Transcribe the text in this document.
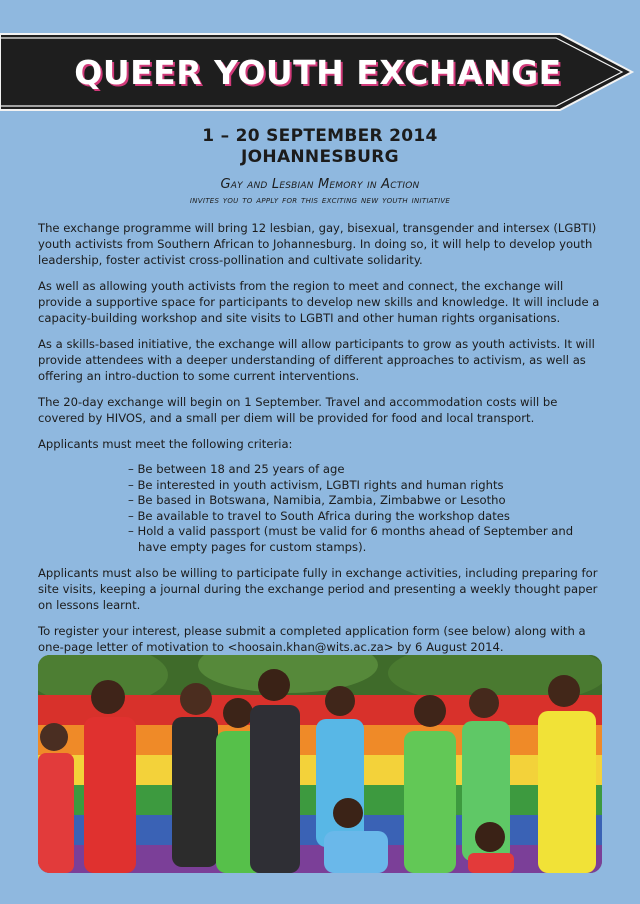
QUEER YOUTH EXCHANGE
1 – 20 SEPTEMBER 2014
JOHANNESBURG
Gay and Lesbian Memory in Action
invites you to apply for this exciting new youth initiative

The exchange programme will bring 12 lesbian, gay, bisexual, transgender and intersex (LGBTI) youth activists from Southern African to Johannesburg. In doing so, it will help to develop youth leadership, foster activist cross-pollination and cultivate solidarity.

As well as allowing youth activists from the region to meet and connect, the exchange will provide a supportive space for participants to develop new skills and knowledge. It will include a capacity-building workshop and site visits to LGBTI and other human rights organisations.

As a skills-based initiative, the exchange will allow participants to grow as youth activists. It will provide attendees with a deeper understanding of different approaches to activism, as well as offering an intro-duction to some current interventions.

The 20-day exchange will begin on 1 September. Travel and accommodation costs will be covered by HIVOS, and a small per diem will be provided for food and local transport.

Applicants must meet the following criteria:

– Be between 18 and 25 years of age
– Be interested in youth activism, LGBTI rights and human rights
– Be based in Botswana, Namibia, Zambia, Zimbabwe or Lesotho
– Be available to travel to South Africa during the workshop dates
– Hold a valid passport (must be valid for 6 months ahead of September and have empty pages for custom stamps).

Applicants must also be willing to participate fully in exchange activities, including preparing for site visits, keeping a journal during the exchange period and presenting a weekly thought paper on lessons learnt.

To register your interest, please submit a completed application form (see below) along with a one-page letter of motivation to <hoosain.khan@wits.ac.za> by 6 August 2014.
